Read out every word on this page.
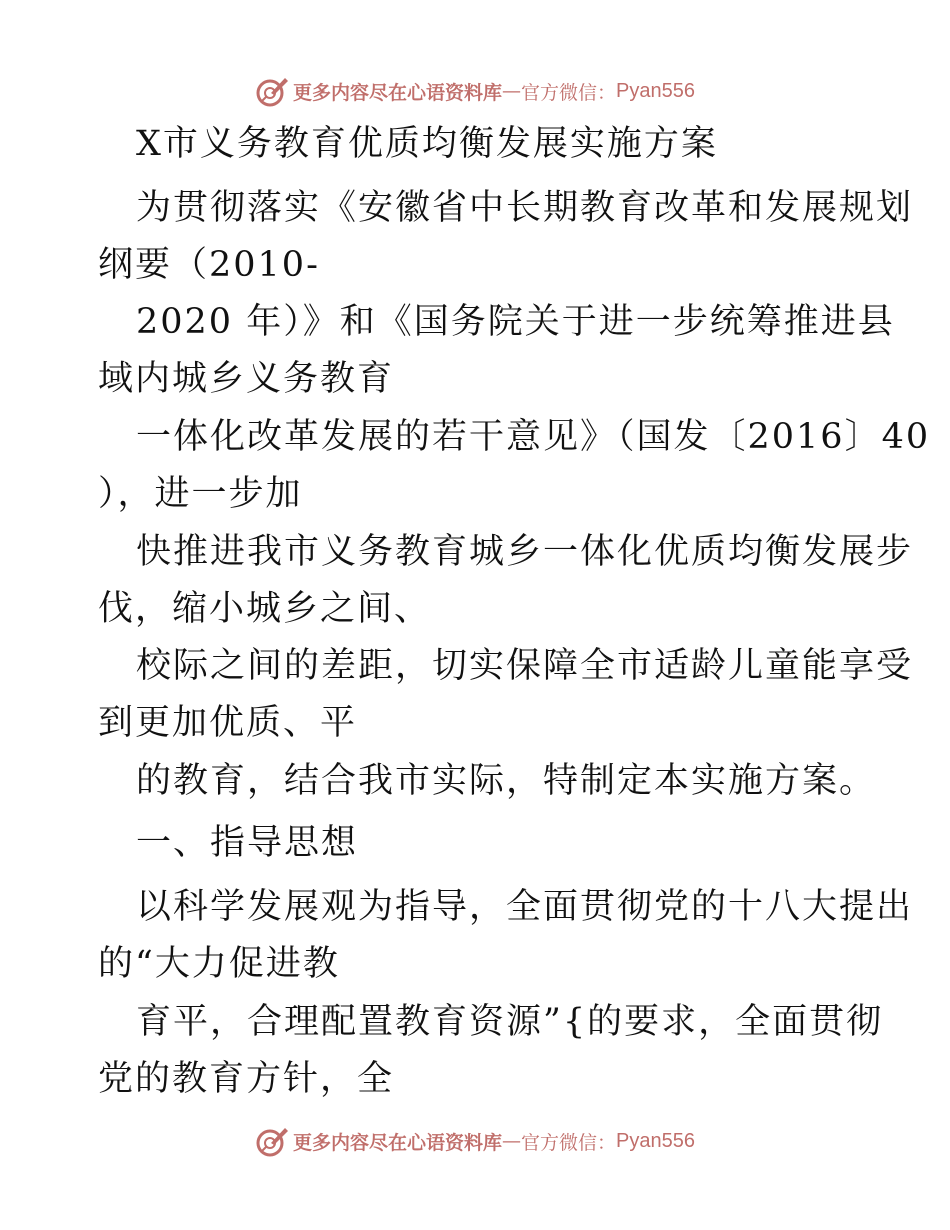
更多内容尽在心语资料库 — 官方微信： Pyan556
X市义务教育优质均衡发展实施方案
为贯彻落实《安徽省中长期教育改革和发展规划
纲要（2010-
2020 年）》和《国务院关于进一步统筹推进县
域内城乡义务教育
一体化改革发展的若干意见》（国发〔2016〕40
），进一步加
快推进我市义务教育城乡一体化优质均衡发展步
伐，缩小城乡之间、
校际之间的差距，切实保障全市适龄儿童能享受
到更加优质、平
的教育，结合我市实际，特制定本实施方案。
一、指导思想
以科学发展观为指导，全面贯彻党的十八大提出
的“大力促进教
育平，合理配置教育资源”{的要求，全面贯彻
党的教育方针，全
更多内容尽在心语资料库 — 官方微信： Pyan556
